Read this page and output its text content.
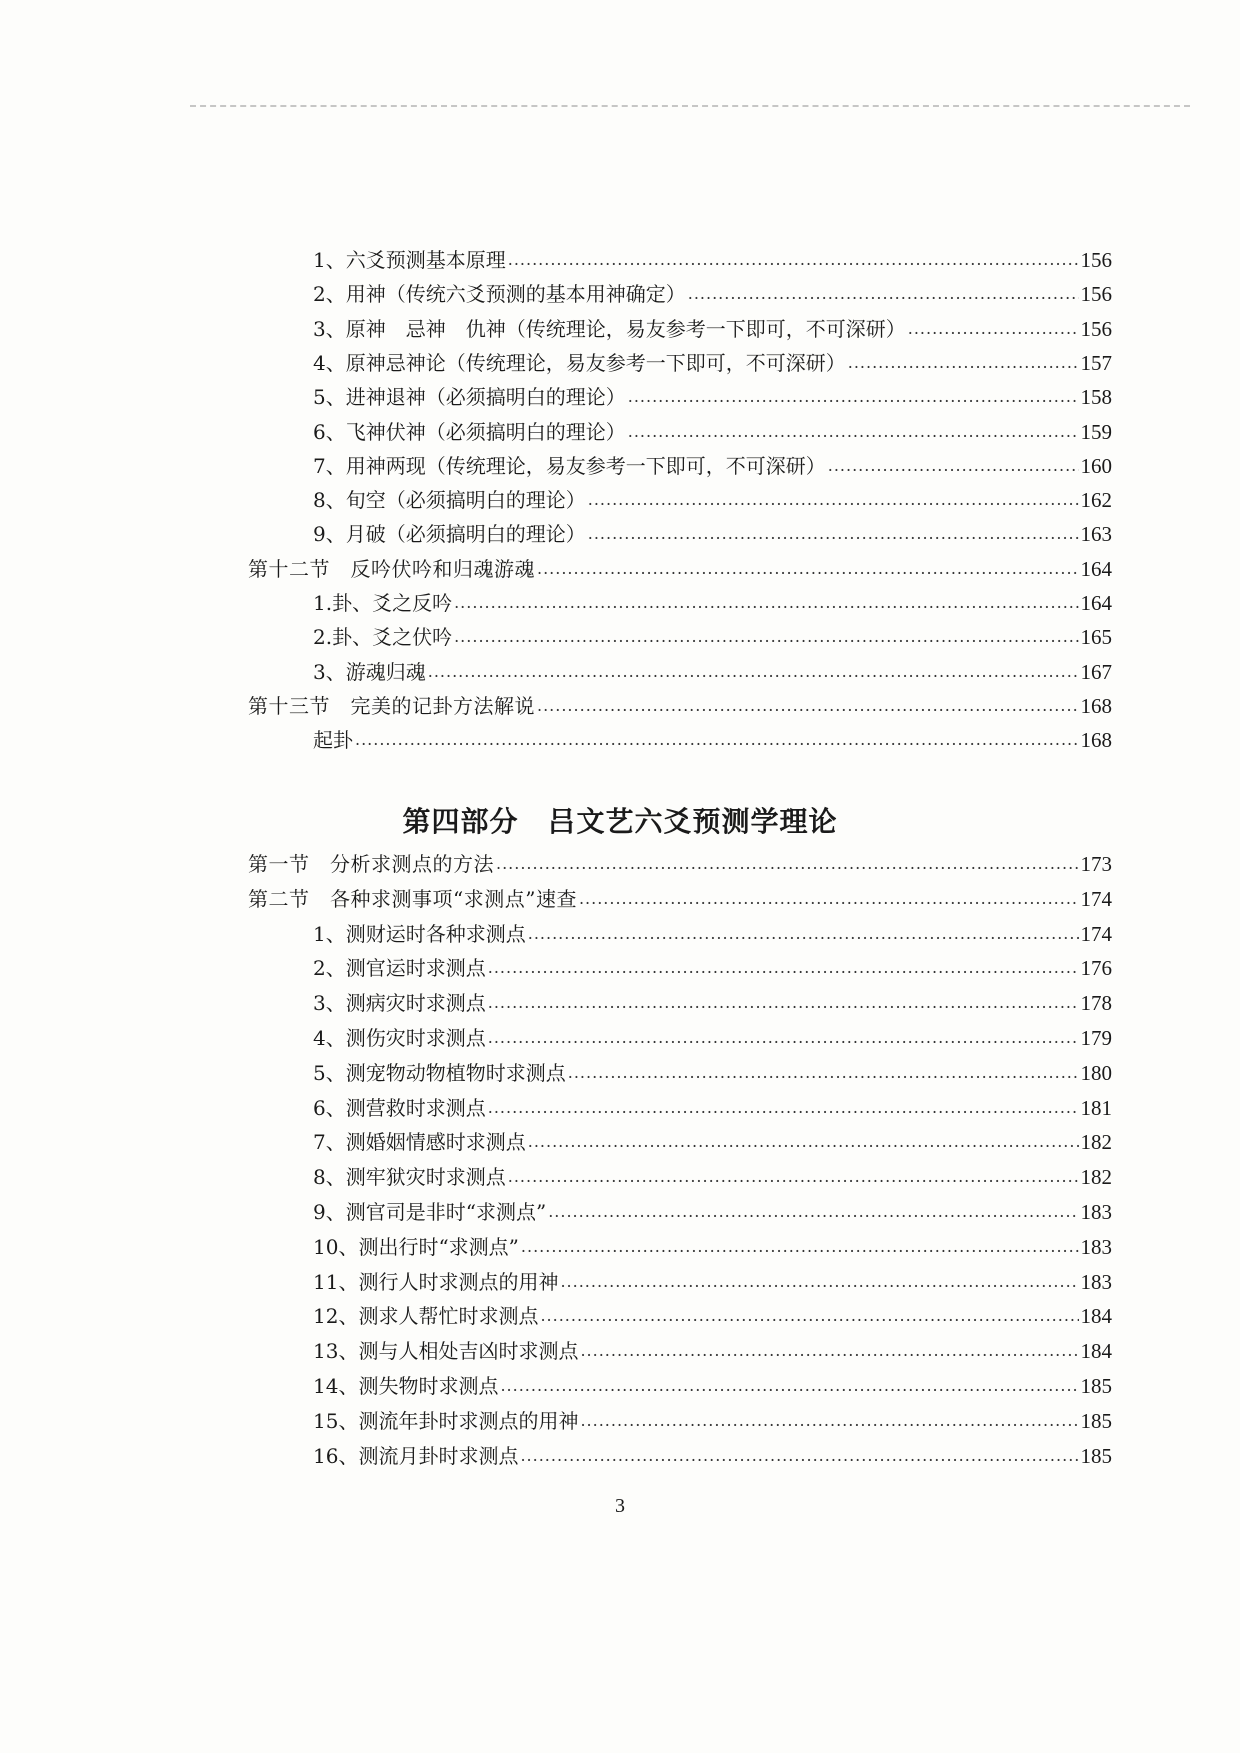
1、六爻预测基本原理 .....	156
2、用神（传统六爻预测的基本用神确定） .....	156
3、原神　忌神　仇神（传统理论，易友参考一下即可，不可深研） .....	156
4、原神忌神论（传统理论，易友参考一下即可，不可深研） .....	157
5、进神退神（必须搞明白的理论） .....	158
6、飞神伏神（必须搞明白的理论） .....	159
7、用神两现（传统理论，易友参考一下即可，不可深研） .....	160
8、旬空（必须搞明白的理论） .....	162
9、月破（必须搞明白的理论） .....	163
第十二节　反吟伏吟和归魂游魂 .....	164
1.卦、爻之反吟 .....	164
2.卦、爻之伏吟 .....	165
3、游魂归魂 .....	167
第十三节　完美的记卦方法解说 .....	168
起卦 .....	168
第四部分　吕文艺六爻预测学理论
第一节　分析求测点的方法 .....	173
第二节　各种求测事项“求测点”速查 .....	174
1、测财运时各种求测点 .....	174
2、测官运时求测点 .....	176
3、测病灾时求测点 .....	178
4、测伤灾时求测点 .....	179
5、测宠物动物植物时求测点 .....	180
6、测营救时求测点 .....	181
7、测婚姻情感时求测点 .....	182
8、测牢狱灾时求测点 .....	182
9、测官司是非时“求测点” .....	183
10、测出行时“求测点” .....	183
11、测行人时求测点的用神 .....	183
12、测求人帮忙时求测点 .....	184
13、测与人相处吉凶时求测点 .....	184
14、测失物时求测点 .....	185
15、测流年卦时求测点的用神 .....	185
16、测流月卦时求测点 .....	185
3
